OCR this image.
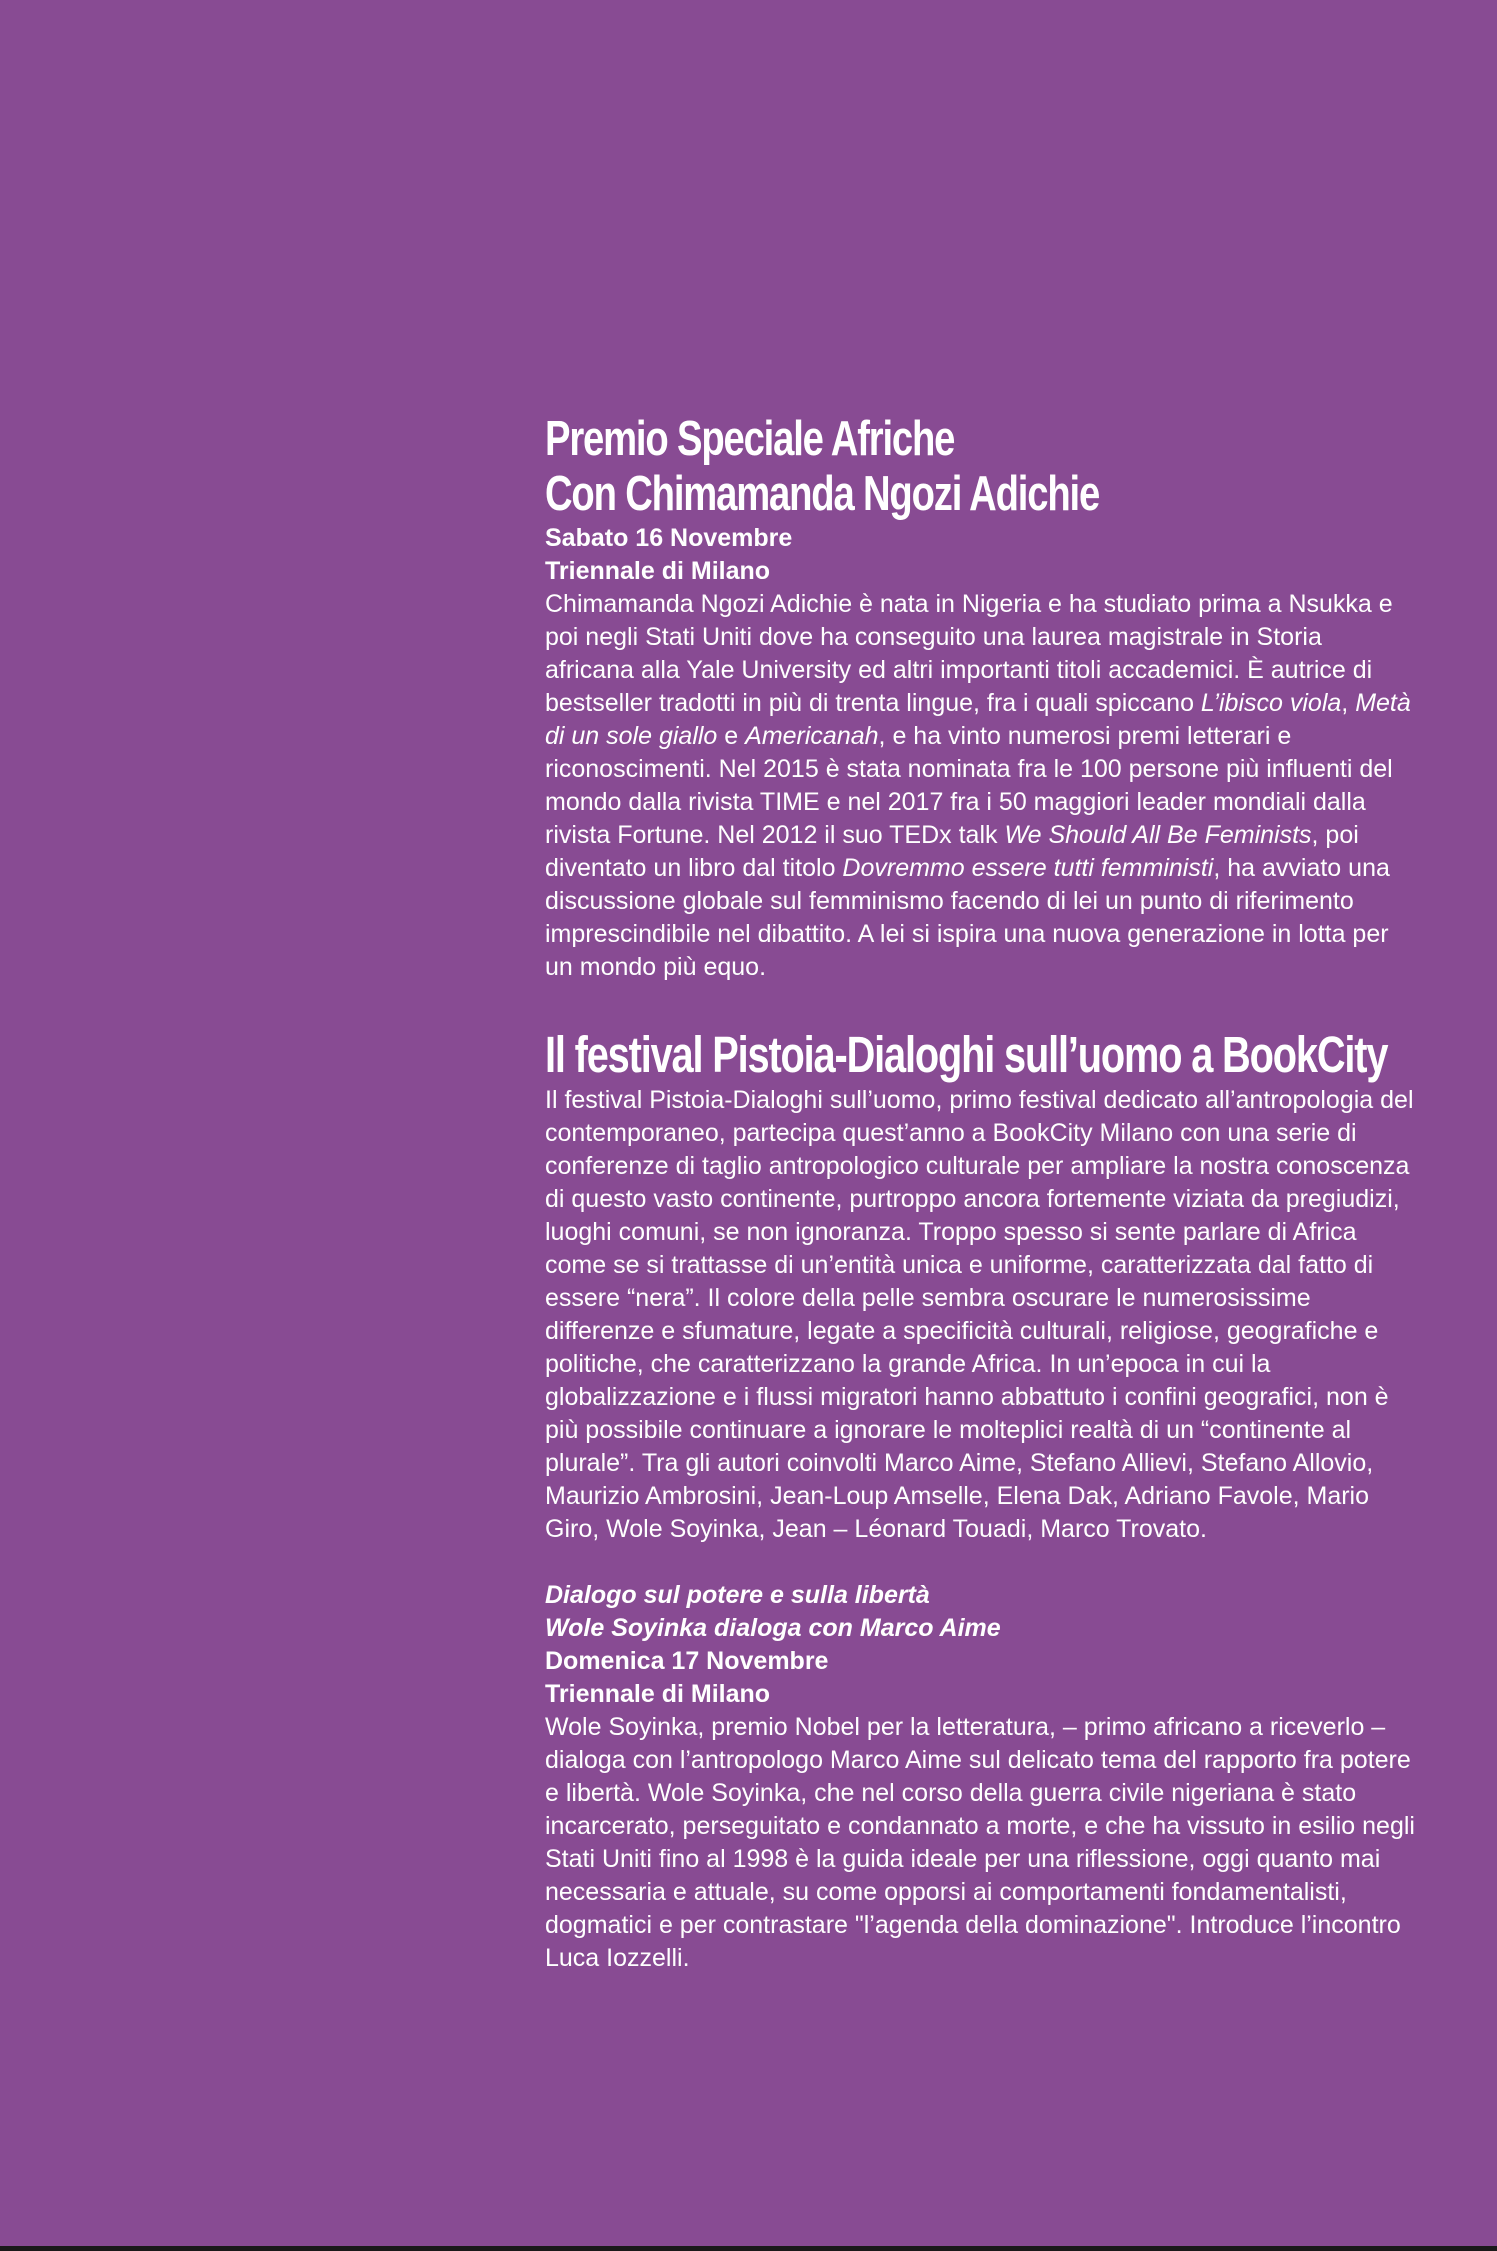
Premio Speciale Afriche
Con Chimamanda Ngozi Adichie
Sabato 16 Novembre
Triennale di Milano

Chimamanda Ngozi Adichie è nata in Nigeria e ha studiato prima a Nsukka e poi negli Stati Uniti dove ha conseguito una laurea magistrale in Storia africana alla Yale University ed altri importanti titoli accademici. È autrice di bestseller tradotti in più di trenta lingue, fra i quali spiccano L’ibisco viola, Metà di un sole giallo e Americanah, e ha vinto numerosi premi letterari e riconoscimenti. Nel 2015 è stata nominata fra le 100 persone più influenti del mondo dalla rivista TIME e nel 2017 fra i 50 maggiori leader mondiali dalla rivista Fortune. Nel 2012 il suo TEDx talk We Should All Be Feminists, poi diventato un libro dal titolo Dovremmo essere tutti femministi, ha avviato una discussione globale sul femminismo facendo di lei un punto di riferimento imprescindibile nel dibattito. A lei si ispira una nuova generazione in lotta per un mondo più equo.

Il festival Pistoia-Dialoghi sull’uomo a BookCity

Il festival Pistoia-Dialoghi sull’uomo, primo festival dedicato all’antropologia del contemporaneo, partecipa quest’anno a BookCity Milano con una serie di conferenze di taglio antropologico culturale per ampliare la nostra conoscenza di questo vasto continente, purtroppo ancora fortemente viziata da pregiudizi, luoghi comuni, se non ignoranza. Troppo spesso si sente parlare di Africa come se si trattasse di un’entità unica e uniforme, caratterizzata dal fatto di essere “nera”. Il colore della pelle sembra oscurare le numerosissime differenze e sfumature, legate a specificità culturali, religiose, geografiche e politiche, che caratterizzano la grande Africa. In un’epoca in cui la globalizzazione e i flussi migratori hanno abbattuto i confini geografici, non è più possibile continuare a ignorare le molteplici realtà di un “continente al plurale”. Tra gli autori coinvolti Marco Aime, Stefano Allievi, Stefano Allovio, Maurizio Ambrosini, Jean-Loup Amselle, Elena Dak, Adriano Favole, Mario Giro, Wole Soyinka, Jean – Léonard Touadi, Marco Trovato.

Dialogo sul potere e sulla libertà
Wole Soyinka dialoga con Marco Aime
Domenica 17 Novembre
Triennale di Milano

Wole Soyinka, premio Nobel per la letteratura, – primo africano a riceverlo – dialoga con l’antropologo Marco Aime sul delicato tema del rapporto fra potere e libertà. Wole Soyinka, che nel corso della guerra civile nigeriana è stato incarcerato, perseguitato e condannato a morte, e che ha vissuto in esilio negli Stati Uniti fino al 1998 è la guida ideale per una riflessione, oggi quanto mai necessaria e attuale, su come opporsi ai comportamenti fondamentalisti, dogmatici e per contrastare "l’agenda della dominazione". Introduce l’incontro Luca Iozzelli.
